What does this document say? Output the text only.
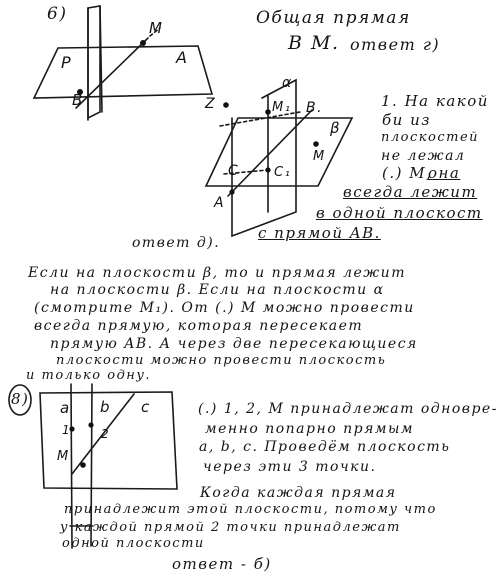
6)
M
A
P
B
Общая прямая
B M. ответ г)
α
Z	M₁ B.
β
M
C	C₁
A
1. На какой
би из
плоскостей
не лежал
(.) M,
она
всегда лежит
в одной плоскост
с прямой AB.
ответ д).
Если на плоскости β, то и прямая лежит
на плоскости β. Если на плоскости α
(смотрите M₁). От (.) M можно провести
всегда прямую, которая пересекает
прямую AB. А через две пересекающиеся
плоскости можно провести плоскость
и только одну.
8) a b c
1 2
M
(.) 1, 2, M принадлежат одновре-
менно попарно прямым
a, b, c. Проведём плоскость
через эти 3 точки.
Когда каждая прямая
принадлежит этой плоскости, потому что
у каждой прямой 2 точки принадлежат
одной плоскости
ответ - б)
